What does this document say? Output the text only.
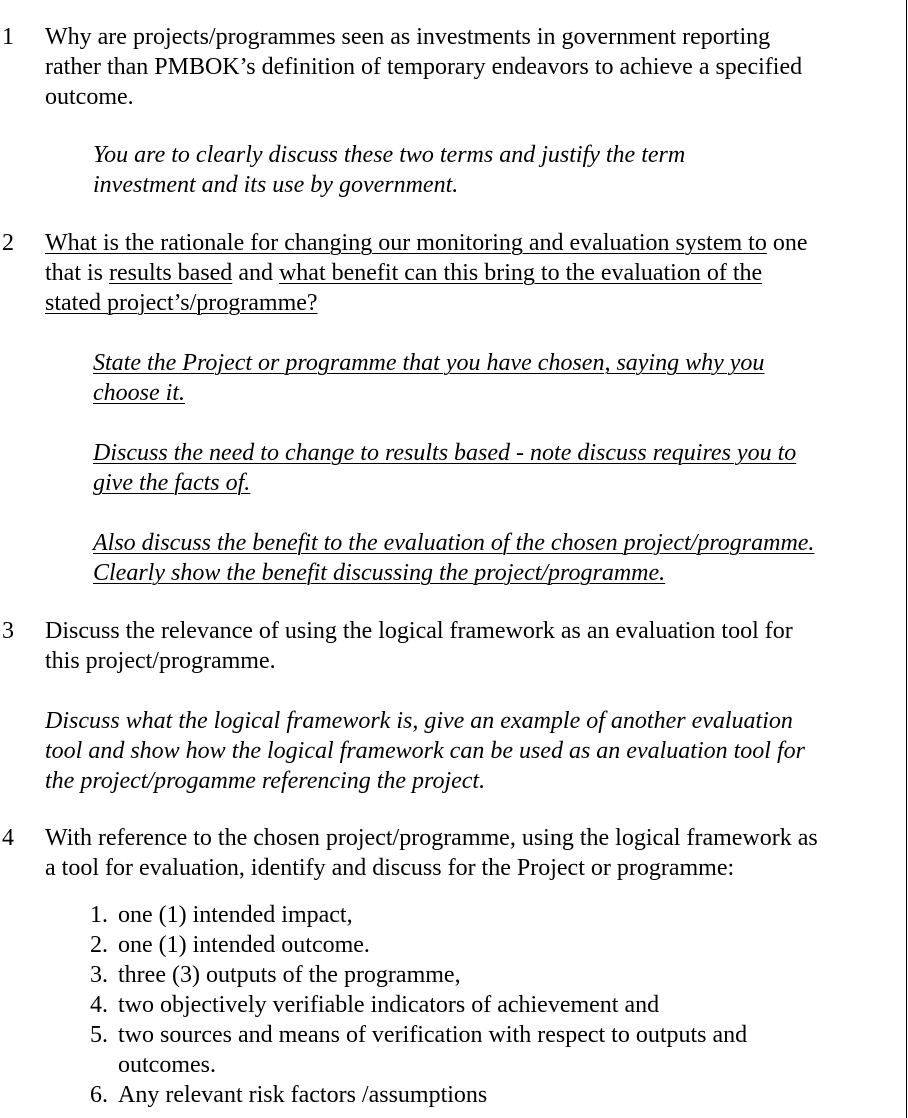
1 Why are projects/programmes seen as investments in government reporting
rather than PMBOK’s definition of temporary endeavors to achieve a specified
outcome.
You are to clearly discuss these two terms and justify the term
investment and its use by government.
2 What is the rationale for changing our monitoring and evaluation system to one
that is results based and what benefit can this bring to the evaluation of the
stated project’s/programme?
State the Project or programme that you have chosen, saying why you
choose it.
Discuss the need to change to results based - note discuss requires you to
give the facts of.
Also discuss the benefit to the evaluation of the chosen project/programme.
Clearly show the benefit discussing the project/programme.
3 Discuss the relevance of using the logical framework as an evaluation tool for
this project/programme.
Discuss what the logical framework is, give an example of another evaluation
tool and show how the logical framework can be used as an evaluation tool for
the project/progamme referencing the project.
4 With reference to the chosen project/programme, using the logical framework as
a tool for evaluation, identify and discuss for the Project or programme:
1. one (1) intended impact,
2. one (1) intended outcome.
3. three (3) outputs of the programme,
4. two objectively verifiable indicators of achievement and
5. two sources and means of verification with respect to outputs and
outcomes.
6. Any relevant risk factors /assumptions
